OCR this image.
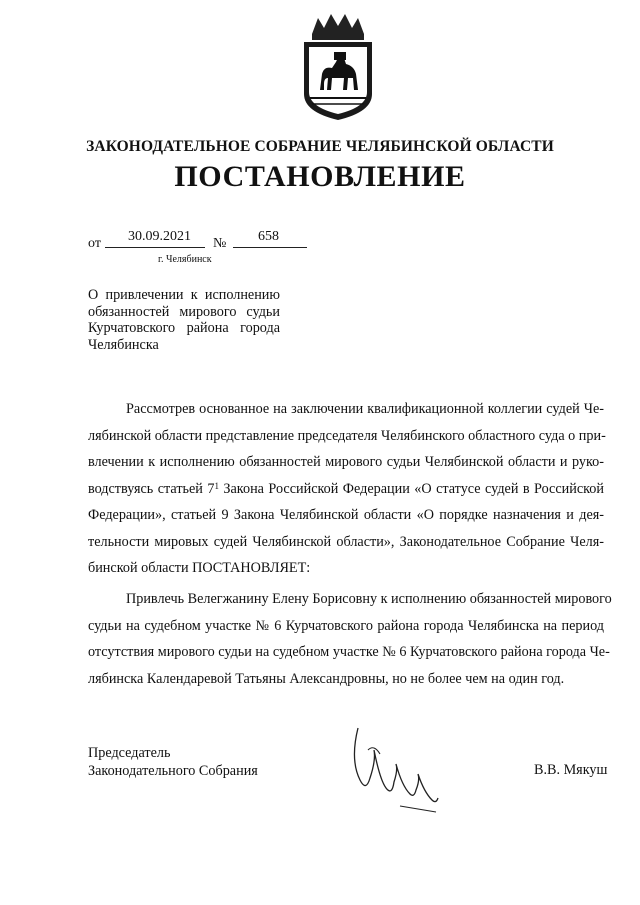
ЗАКОНОДАТЕЛЬНОЕ СОБРАНИЕ ЧЕЛЯБИНСКОЙ ОБЛАСТИ
ПОСТАНОВЛЕНИЕ
от 30.09.2021 № 658
г. Челябинск
О привлечении к исполнению
обязанностей мирового судьи
Курчатовского района города
Челябинска
Рассмотрев основанное на заключении квалификационной коллегии судей Че-
лябинской области представление председателя Челябинского областного суда о при-
влечении к исполнению обязанностей мирового судьи Челябинской области и руко-
водствуясь статьей $7^1$ Закона Российской Федерации «О статусе судей в Российской
Федерации», статьей 9 Закона Челябинской области «О порядке назначения и дея-
тельности мировых судей Челябинской области», Законодательное Собрание Челя-
бинской области ПОСТАНОВЛЯЕТ:
Привлечь Велегжанину Елену Борисовну к исполнению обязанностей мирового
судьи на судебном участке № 6 Курчатовского района города Челябинска на период
отсутствия мирового судьи на судебном участке № 6 Курчатовского района города Че-
лябинска Календаревой Татьяны Александровны, но не более чем на один год.
Председатель
Законодательного Собрания	В.В. Мякуш
